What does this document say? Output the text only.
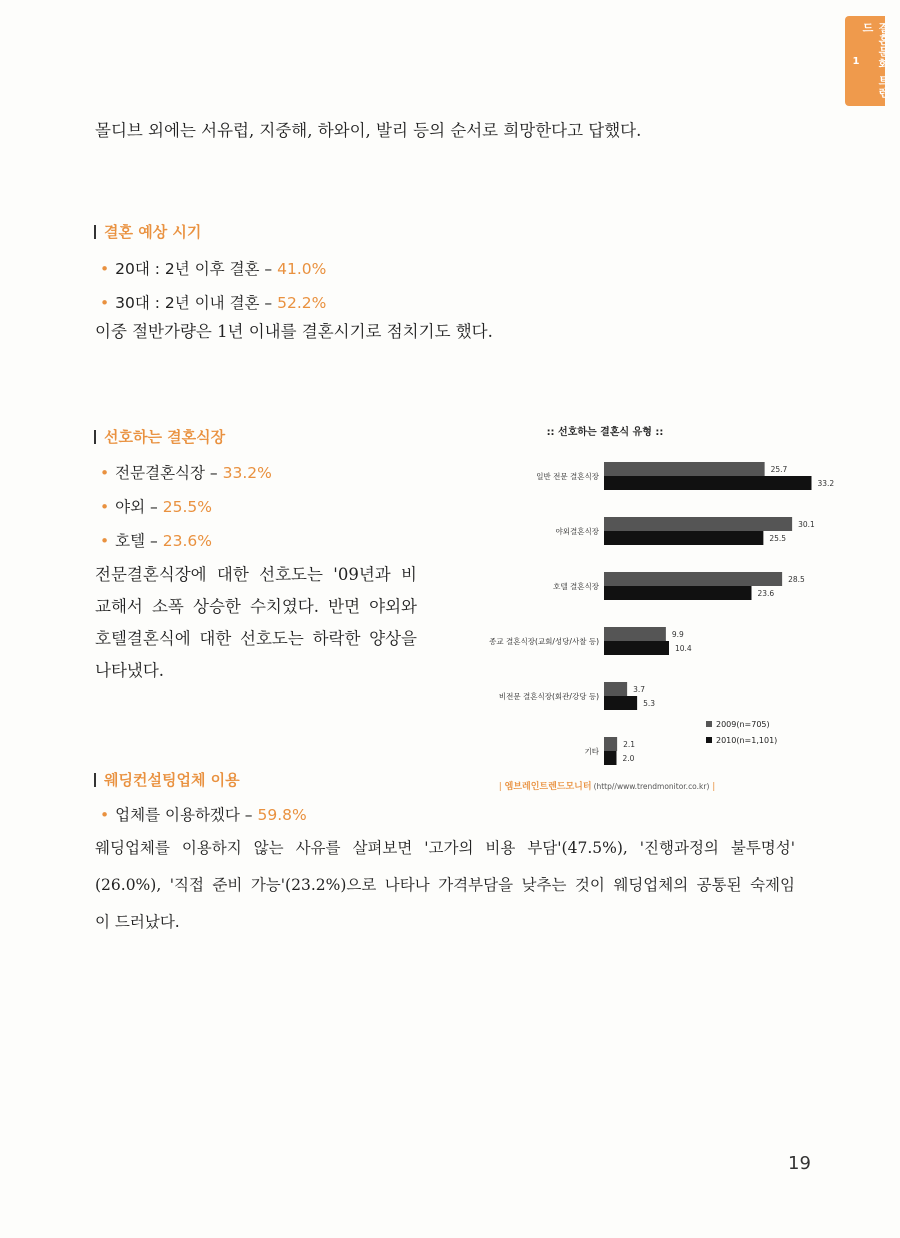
결혼문화 트렌드
1

몰디브 외에는 서유럽, 지중해, 하와이, 발리 등의 순서로 희망한다고 답했다.

결혼 예상 시기
• 20대 : 2년 이후 결혼 – 41.0%
• 30대 : 2년 이내 결혼 – 52.2%

이중 절반가량은 1년 이내를 결혼시기로 점치기도 했다.

선호하는 결혼식장
• 전문결혼식장 – 33.2%
• 야외 – 25.5%
• 호텔 – 23.6%
전문결혼식장에 대한 선호도는 '09년과 비
교해서 소폭 상승한 수치였다. 반면 야외와
호텔결혼식에 대한 선호도는 하락한 양상을
나타냈다.
:: 선호하는 결혼식 유형 ::
일반 전문 결혼식장
야외결혼식장
호텔 결혼식장
종교 결혼식장(교회/성당/사찰 등)
비전문 결혼식장(회관/강당 등)
기타
25.7
33.2
30.1
25.5
28.5
23.6
9.9
10.4
3.7
5.3
2.1
2.0
2009(n=705)
2010(n=1,101)
| 엠브레인트렌드모니터 (http//www.trendmonitor.co.kr) |
웨딩컨설팅업체 이용
• 업체를 이용하겠다 – 59.8%
웨딩업체를 이용하지 않는 사유를 살펴보면 '고가의 비용 부담'(47.5%), '진행과정의 불투명성'
(26.0%), '직접 준비 가능'(23.2%)으로 나타나 가격부담을 낮추는 것이 웨딩업체의 공통된 숙제임
이 드러났다.
19
